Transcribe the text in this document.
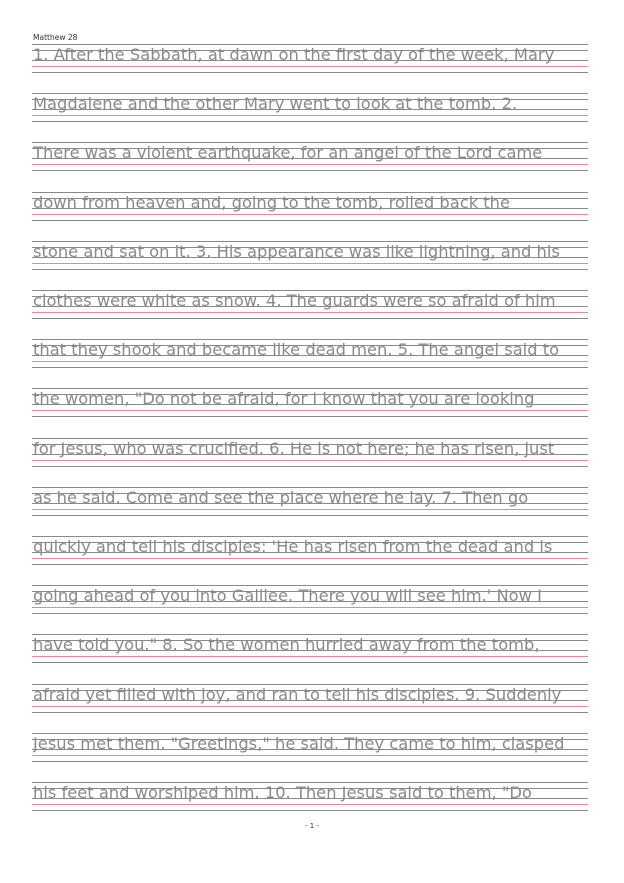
Matthew 28
1. After the Sabbath, at dawn on the first day of the week, Mary
Magdalene and the other Mary went to look at the tomb. 2.
There was a violent earthquake, for an angel of the Lord came
down from heaven and, going to the tomb, rolled back the
stone and sat on it. 3. His appearance was like lightning, and his
clothes were white as snow. 4. The guards were so afraid of him
that they shook and became like dead men. 5. The angel said to
the women, "Do not be afraid, for I know that you are looking
for Jesus, who was crucified. 6. He is not here; he has risen, just
as he said. Come and see the place where he lay. 7. Then go
quickly and tell his disciples: 'He has risen from the dead and is
going ahead of you into Galilee. There you will see him.' Now I
have told you." 8. So the women hurried away from the tomb,
afraid yet filled with joy, and ran to tell his disciples. 9. Suddenly
Jesus met them. "Greetings," he said. They came to him, clasped
his feet and worshiped him. 10. Then Jesus said to them, "Do
- 1 -
